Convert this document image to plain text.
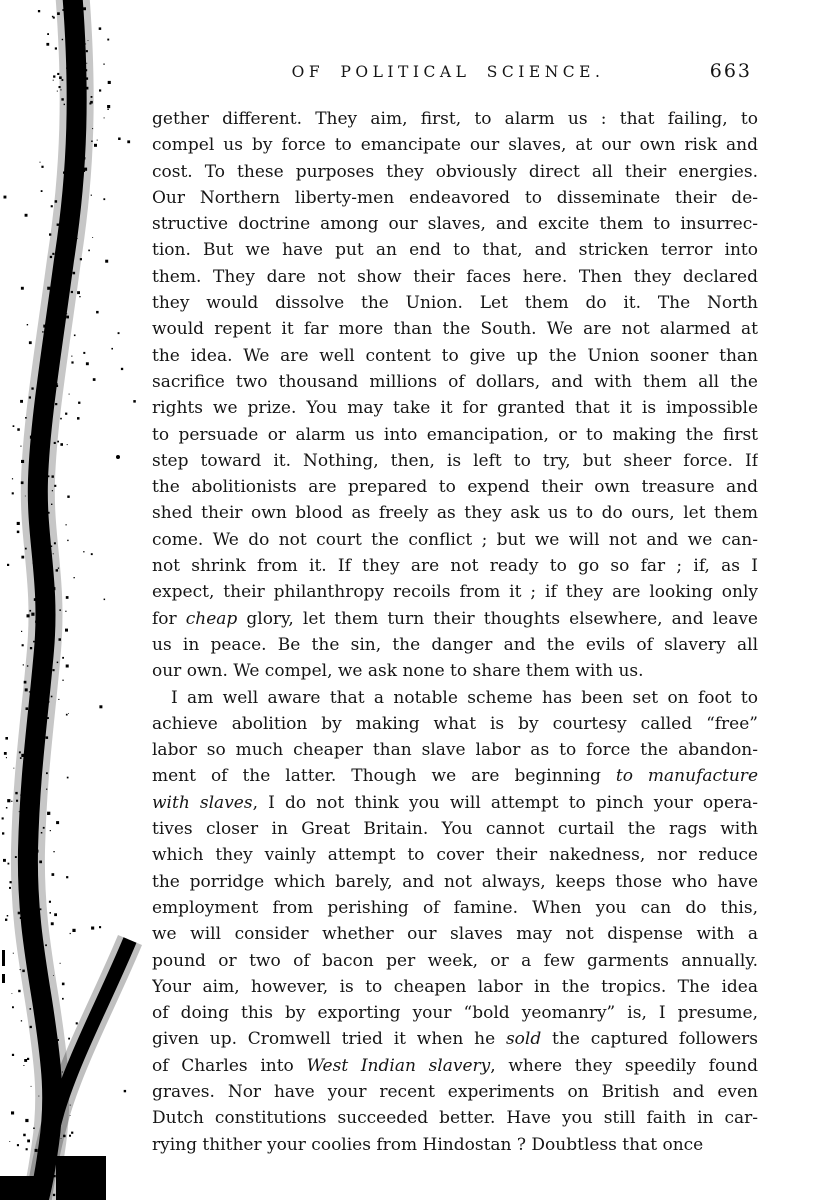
OF POLITICAL SCIENCE.	663
gether different. They aim, first, to alarm us : that failing, to
compel us by force to emancipate our slaves, at our own risk and
cost. To these purposes they obviously direct all their energies.
Our Northern liberty-men endeavored to disseminate their de-
structive doctrine among our slaves, and excite them to insurrec-
tion. But we have put an end to that, and stricken terror into
them. They dare not show their faces here. Then they declared
they would dissolve the Union. Let them do it. The North
would repent it far more than the South. We are not alarmed at
the idea. We are well content to give up the Union sooner than
sacrifice two thousand millions of dollars, and with them all the
rights we prize. You may take it for granted that it is impossible
to persuade or alarm us into emancipation, or to making the first
step toward it. Nothing, then, is left to try, but sheer force. If
the abolitionists are prepared to expend their own treasure and
shed their own blood as freely as they ask us to do ours, let them
come. We do not court the conflict ; but we will not and we can-
not shrink from it. If they are not ready to go so far ; if, as I
expect, their philanthropy recoils from it ; if they are looking only
for cheap glory, let them turn their thoughts elsewhere, and leave
us in peace. Be the sin, the danger and the evils of slavery all
our own. We compel, we ask none to share them with us.
I am well aware that a notable scheme has been set on foot to
achieve abolition by making what is by courtesy called “free”
labor so much cheaper than slave labor as to force the abandon-
ment of the latter. Though we are beginning to manufacture
with slaves, I do not think you will attempt to pinch your opera-
tives closer in Great Britain. You cannot curtail the rags with
which they vainly attempt to cover their nakedness, nor reduce
the porridge which barely, and not always, keeps those who have
employment from perishing of famine. When you can do this,
we will consider whether our slaves may not dispense with a
pound or two of bacon per week, or a few garments annually.
Your aim, however, is to cheapen labor in the tropics. The idea
of doing this by exporting your “bold yeomanry” is, I presume,
given up. Cromwell tried it when he sold the captured followers
of Charles into West Indian slavery, where they speedily found
graves. Nor have your recent experiments on British and even
Dutch constitutions succeeded better. Have you still faith in car-
rying thither your coolies from Hindostan ? Doubtless that once
